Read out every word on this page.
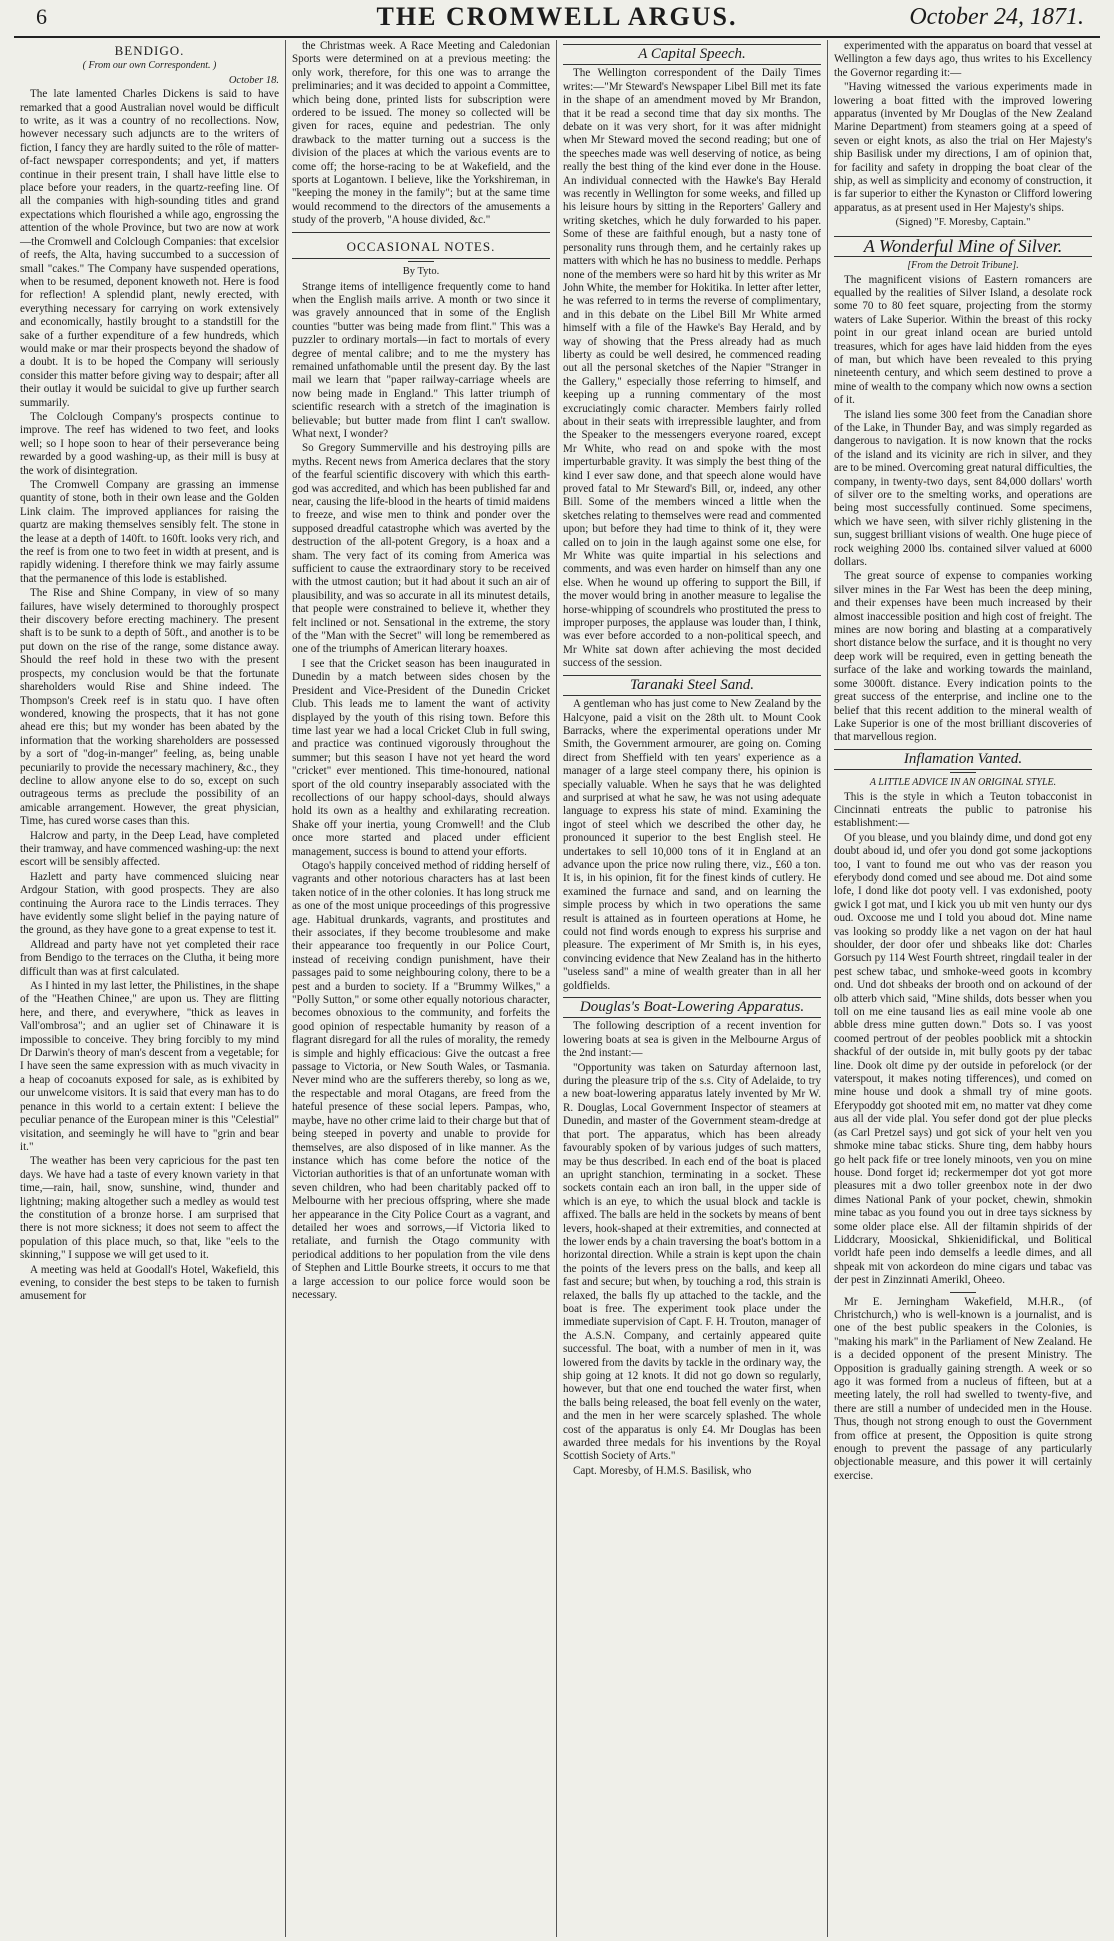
6	THE CROMWELL ARGUS.	October 24, 1871.
BENDIGO.
( From our own Correspondent. )
October 18.

The late lamented Charles Dickens is said to have remarked that a good Australian novel would be difficult to write, as it was a country of no recollections. Now, however necessary such adjuncts are to the writers of fiction, I fancy they are hardly suited to the rôle of matter-of-fact newspaper correspondents; and yet, if matters continue in their present train, I shall have little else to place before your readers, in the quartz-reefing line. Of all the companies with high-sounding titles and grand expectations which flourished a while ago, engrossing the attention of the whole Province, but two are now at work—the Cromwell and Colclough Companies: that excelsior of reefs, the Alta, having succumbed to a succession of small "cakes." The Company have suspended operations, when to be resumed, deponent knoweth not. Here is food for reflection! A splendid plant, newly erected, with everything necessary for carrying on work extensively and economically, hastily brought to a standstill for the sake of a further expenditure of a few hundreds, which would make or mar their prospects beyond the shadow of a doubt. It is to be hoped the Company will seriously consider this matter before giving way to despair; after all their outlay it would be suicidal to give up further search summarily.

The Colclough Company's prospects continue to improve. The reef has widened to two feet, and looks well; so I hope soon to hear of their perseverance being rewarded by a good washing-up, as their mill is busy at the work of disintegration.

The Cromwell Company are grassing an immense quantity of stone, both in their own lease and the Golden Link claim. The improved appliances for raising the quartz are making themselves sensibly felt. The stone in the lease at a depth of 140ft. to 160ft. looks very rich, and the reef is from one to two feet in width at present, and is rapidly widening. I therefore think we may fairly assume that the permanence of this lode is established.

The Rise and Shine Company, in view of so many failures, have wisely determined to thoroughly prospect their discovery before erecting machinery. The present shaft is to be sunk to a depth of 50ft., and another is to be put down on the rise of the range, some distance away. Should the reef hold in these two with the present prospects, my conclusion would be that the fortunate shareholders would Rise and Shine indeed. The Thompson's Creek reef is in statu quo. I have often wondered, knowing the prospects, that it has not gone ahead ere this; but my wonder has been abated by the information that the working shareholders are possessed by a sort of "dog-in-manger" feeling, as, being unable pecuniarily to provide the necessary machinery, &c., they decline to allow anyone else to do so, except on such outrageous terms as preclude the possibility of an amicable arrangement. However, the great physician, Time, has cured worse cases than this.

Halcrow and party, in the Deep Lead, have completed their tramway, and have commenced washing-up: the next escort will be sensibly affected.

Hazlett and party have commenced sluicing near Ardgour Station, with good prospects. They are also continuing the Aurora race to the Lindis terraces. They have evidently some slight belief in the paying nature of the ground, as they have gone to a great expense to test it.

Alldread and party have not yet completed their race from Bendigo to the terraces on the Clutha, it being more difficult than was at first calculated.

As I hinted in my last letter, the Philistines, in the shape of the "Heathen Chinee," are upon us. They are flitting here, and there, and everywhere, "thick as leaves in Vall'ombrosa"; and an uglier set of Chinaware it is impossible to conceive. They bring forcibly to my mind Dr Darwin's theory of man's descent from a vegetable; for I have seen the same expression with as much vivacity in a heap of cocoanuts exposed for sale, as is exhibited by our unwelcome visitors. It is said that every man has to do penance in this world to a certain extent: I believe the peculiar penance of the European miner is this "Celestial" visitation, and seemingly he will have to "grin and bear it."

The weather has been very capricious for the past ten days. We have had a taste of every known variety in that time,—rain, hail, snow, sunshine, wind, thunder and lightning; making altogether such a medley as would test the constitution of a bronze horse. I am surprised that there is not more sickness; it does not seem to affect the population of this place much, so that, like "eels to the skinning," I suppose we will get used to it.

A meeting was held at Goodall's Hotel, Wakefield, this evening, to consider the best steps to be taken to furnish amusement for

the Christmas week. A Race Meeting and Caledonian Sports were determined on at a previous meeting: the only work, therefore, for this one was to arrange the preliminaries; and it was decided to appoint a Committee, which being done, printed lists for subscription were ordered to be issued. The money so collected will be given for races, equine and pedestrian. The only drawback to the matter turning out a success is the division of the places at which the various events are to come off; the horse-racing to be at Wakefield, and the sports at Logantown. I believe, like the Yorkshireman, in "keeping the money in the family"; but at the same time would recommend to the directors of the amusements a study of the proverb, "A house divided, &c."

OCCASIONAL NOTES.
By Tyto.

Strange items of intelligence frequently come to hand when the English mails arrive. A month or two since it was gravely announced that in some of the English counties "butter was being made from flint." This was a puzzler to ordinary mortals—in fact to mortals of every degree of mental calibre; and to me the mystery has remained unfathomable until the present day. By the last mail we learn that "paper railway-carriage wheels are now being made in England." This latter triumph of scientific research with a stretch of the imagination is believable; but butter made from flint I can't swallow. What next, I wonder?

So Gregory Summerville and his destroying pills are myths. Recent news from America declares that the story of the fearful scientific discovery with which this earth-god was accredited, and which has been published far and near, causing the life-blood in the hearts of timid maidens to freeze, and wise men to think and ponder over the supposed dreadful catastrophe which was averted by the destruction of the all-potent Gregory, is a hoax and a sham. The very fact of its coming from America was sufficient to cause the extraordinary story to be received with the utmost caution; but it had about it such an air of plausibility, and was so accurate in all its minutest details, that people were constrained to believe it, whether they felt inclined or not. Sensational in the extreme, the story of the "Man with the Secret" will long be remembered as one of the triumphs of American literary hoaxes.

I see that the Cricket season has been inaugurated in Dunedin by a match between sides chosen by the President and Vice-President of the Dunedin Cricket Club. This leads me to lament the want of activity displayed by the youth of this rising town. Before this time last year we had a local Cricket Club in full swing, and practice was continued vigorously throughout the summer; but this season I have not yet heard the word "cricket" ever mentioned. This time-honoured, national sport of the old country inseparably associated with the recollections of our happy school-days, should always hold its own as a healthy and exhilarating recreation. Shake off your inertia, young Cromwell! and the Club once more started and placed under efficient management, success is bound to attend your efforts.

Otago's happily conceived method of ridding herself of vagrants and other notorious characters has at last been taken notice of in the other colonies. It has long struck me as one of the most unique proceedings of this progressive age. Habitual drunkards, vagrants, and prostitutes and their associates, if they become troublesome and make their appearance too frequently in our Police Court, instead of receiving condign punishment, have their passages paid to some neighbouring colony, there to be a pest and a burden to society. If a "Brummy Wilkes," a "Polly Sutton," or some other equally notorious character, becomes obnoxious to the community, and forfeits the good opinion of respectable humanity by reason of a flagrant disregard for all the rules of morality, the remedy is simple and highly efficacious: Give the outcast a free passage to Victoria, or New South Wales, or Tasmania. Never mind who are the sufferers thereby, so long as we, the respectable and moral Otagans, are freed from the hateful presence of these social lepers. Pampas, who, maybe, have no other crime laid to their charge but that of being steeped in poverty and unable to provide for themselves, are also disposed of in like manner. As the instance which has come before the notice of the Victorian authorities is that of an unfortunate woman with seven children, who had been charitably packed off to Melbourne with her precious offspring, where she made her appearance in the City Police Court as a vagrant, and detailed her woes and sorrows,—if Victoria liked to retaliate, and furnish the Otago community with periodical additions to her population from the vile dens of Stephen and Little Bourke streets, it occurs to me that a large accession to our police force would soon be necessary.

A Capital Speech.

The Wellington correspondent of the Daily Times writes:—"Mr Steward's Newspaper Libel Bill met its fate in the shape of an amendment moved by Mr Brandon, that it be read a second time that day six months. The debate on it was very short, for it was after midnight when Mr Steward moved the second reading; but one of the speeches made was well deserving of notice, as being really the best thing of the kind ever done in the House. An individual connected with the Hawke's Bay Herald was recently in Wellington for some weeks, and filled up his leisure hours by sitting in the Reporters' Gallery and writing sketches, which he duly forwarded to his paper. Some of these are faithful enough, but a nasty tone of personality runs through them, and he certainly rakes up matters with which he has no business to meddle. Perhaps none of the members were so hard hit by this writer as Mr John White, the member for Hokitika. In letter after letter, he was referred to in terms the reverse of complimentary, and in this debate on the Libel Bill Mr White armed himself with a file of the Hawke's Bay Herald, and by way of showing that the Press already had as much liberty as could be well desired, he commenced reading out all the personal sketches of the Napier "Stranger in the Gallery," especially those referring to himself, and keeping up a running commentary of the most excruciatingly comic character. Members fairly rolled about in their seats with irrepressible laughter, and from the Speaker to the messengers everyone roared, except Mr White, who read on and spoke with the most imperturbable gravity. It was simply the best thing of the kind I ever saw done, and that speech alone would have proved fatal to Mr Steward's Bill, or, indeed, any other Bill. Some of the members winced a little when the sketches relating to themselves were read and commented upon; but before they had time to think of it, they were called on to join in the laugh against some one else, for Mr White was quite impartial in his selections and comments, and was even harder on himself than any one else. When he wound up offering to support the Bill, if the mover would bring in another measure to legalise the horse-whipping of scoundrels who prostituted the press to improper purposes, the applause was louder than, I think, was ever before accorded to a non-political speech, and Mr White sat down after achieving the most decided success of the session.

Taranaki Steel Sand.

A gentleman who has just come to New Zealand by the Halcyone, paid a visit on the 28th ult. to Mount Cook Barracks, where the experimental operations under Mr Smith, the Government armourer, are going on. Coming direct from Sheffield with ten years' experience as a manager of a large steel company there, his opinion is specially valuable. When he says that he was delighted and surprised at what he saw, he was not using adequate language to express his state of mind. Examining the ingot of steel which we described the other day, he pronounced it superior to the best English steel. He undertakes to sell 10,000 tons of it in England at an advance upon the price now ruling there, viz., £60 a ton. It is, in his opinion, fit for the finest kinds of cutlery. He examined the furnace and sand, and on learning the simple process by which in two operations the same result is attained as in fourteen operations at Home, he could not find words enough to express his surprise and pleasure. The experiment of Mr Smith is, in his eyes, convincing evidence that New Zealand has in the hitherto "useless sand" a mine of wealth greater than in all her goldfields.

Douglas's Boat-Lowering Apparatus.

The following description of a recent invention for lowering boats at sea is given in the Melbourne Argus of the 2nd instant:—

"Opportunity was taken on Saturday afternoon last, during the pleasure trip of the s.s. City of Adelaide, to try a new boat-lowering apparatus lately invented by Mr W. R. Douglas, Local Government Inspector of steamers at Dunedin, and master of the Government steam-dredge at that port. The apparatus, which has been already favourably spoken of by various judges of such matters, may be thus described. In each end of the boat is placed an upright stanchion, terminating in a socket. These sockets contain each an iron ball, in the upper side of which is an eye, to which the usual block and tackle is affixed. The balls are held in the sockets by means of bent levers, hook-shaped at their extremities, and connected at the lower ends by a chain traversing the boat's bottom in a horizontal direction. While a strain is kept upon the chain the points of the levers press on the balls, and keep all fast and secure; but when, by touching a rod, this strain is relaxed, the balls fly up attached to the tackle, and the boat is free. The experiment took place under the immediate supervision of Capt. F. H. Trouton, manager of the A.S.N. Company, and certainly appeared quite successful. The boat, with a number of men in it, was lowered from the davits by tackle in the ordinary way, the ship going at 12 knots. It did not go down so regularly, however, but that one end touched the water first, when the balls being released, the boat fell evenly on the water, and the men in her were scarcely splashed. The whole cost of the apparatus is only £4. Mr Douglas has been awarded three medals for his inventions by the Royal Scottish Society of Arts."

Capt. Moresby, of H.M.S. Basilisk, who

experimented with the apparatus on board that vessel at Wellington a few days ago, thus writes to his Excellency the Governor regarding it:—

"Having witnessed the various experiments made in lowering a boat fitted with the improved lowering apparatus (invented by Mr Douglas of the New Zealand Marine Department) from steamers going at a speed of seven or eight knots, as also the trial on Her Majesty's ship Basilisk under my directions, I am of opinion that, for facility and safety in dropping the boat clear of the ship, as well as simplicity and economy of construction, it is far superior to either the Kynaston or Clifford lowering apparatus, as at present used in Her Majesty's ships.

(Signed) "F. Moresby, Captain."
A Wonderful Mine of Silver.
[From the Detroit Tribune].

The magnificent visions of Eastern romancers are equalled by the realities of Silver Island, a desolate rock some 70 to 80 feet square, projecting from the stormy waters of Lake Superior. Within the breast of this rocky point in our great inland ocean are buried untold treasures, which for ages have laid hidden from the eyes of man, but which have been revealed to this prying nineteenth century, and which seem destined to prove a mine of wealth to the company which now owns a section of it.

The island lies some 300 feet from the Canadian shore of the Lake, in Thunder Bay, and was simply regarded as dangerous to navigation. It is now known that the rocks of the island and its vicinity are rich in silver, and they are to be mined. Overcoming great natural difficulties, the company, in twenty-two days, sent 84,000 dollars' worth of silver ore to the smelting works, and operations are being most successfully continued. Some specimens, which we have seen, with silver richly glistening in the sun, suggest brilliant visions of wealth. One huge piece of rock weighing 2000 lbs. contained silver valued at 6000 dollars.

The great source of expense to companies working silver mines in the Far West has been the deep mining, and their expenses have been much increased by their almost inaccessible position and high cost of freight. The mines are now boring and blasting at a comparatively short distance below the surface, and it is thought no very deep work will be required, even in getting beneath the surface of the lake and working towards the mainland, some 3000ft. distance. Every indication points to the great success of the enterprise, and incline one to the belief that this recent addition to the mineral wealth of Lake Superior is one of the most brilliant discoveries of that marvellous region.

Inflamation Vanted.
A LITTLE ADVICE IN AN ORIGINAL STYLE.

This is the style in which a Teuton tobacconist in Cincinnati entreats the public to patronise his establishment:—

Of you blease, und you blaindy dime, und dond got eny doubt aboud id, und ofer you dond got some jackoptions too, I vant to found me out who vas der reason you eferybody dond comed und see aboud me. Dot aind some lofe, I dond like dot pooty vell. I vas exdonished, pooty gwick I got mat, und I kick you ub mit ven hunty our dys oud. Oxcoose me und I told you aboud dot. Mine name vas looking so proddy like a net vagon on der hat haul shoulder, der door ofer und shbeaks like dot: Charles Gorsuch py 114 West Fourth shtreet, ringdail tealer in der pest schew tabac, und smhoke-weed goots in kcombry ond. Und dot shbeaks der brooth ond on ackound of der olb atterb vhich said, "Mine shilds, dots besser when you toll on me eine tausand lies as eail mine voole ab one abble dress mine gutten down." Dots so. I vas yoost coomed pertrout of der peobles pooblick mit a shtockin shackful of der outside in, mit bully goots py der tabac line. Dook olt dime py der outside in peforelock (or der vaterspout, it makes noting tifferences), und comed on mine house und dook a shmall try of mine goots. Eferypoddy got shooted mit em, no matter vat dhey come aus all der vide plal. You sefer dond got der plue plecks (as Carl Pretzel says) und got sick of your helt ven you shmoke mine tabac sticks. Shure ting, dem habby hours go helt pack fife or tree lonely minoots, ven you on mine house. Dond forget id; reckermemper dot yot got more pleasures mit a dwo toller greenbox note in der dwo dimes National Pank of your pocket, chewin, shmokin mine tabac as you found you out in dree tays sickness by some older place else. All der filtamin shpirids of der Liddcrary, Moosickal, Shkienidifickal, und Bolitical vorldt hafe peen indo demselfs a leedle dimes, and all shpeak mit von ackordeon do mine cigars und tabac vas der pest in Zinzinnati Amerikl, Oheeo.

Mr E. Jerningham Wakefield, M.H.R., (of Christchurch,) who is well-known is a journalist, and is one of the best public speakers in the Colonies, is "making his mark" in the Parliament of New Zealand. He is a decided opponent of the present Ministry. The Opposition is gradually gaining strength. A week or so ago it was formed from a nucleus of fifteen, but at a meeting lately, the roll had swelled to twenty-five, and there are still a number of undecided men in the House. Thus, though not strong enough to oust the Government from office at present, the Opposition is quite strong enough to prevent the passage of any particularly objectionable measure, and this power it will certainly exercise.
